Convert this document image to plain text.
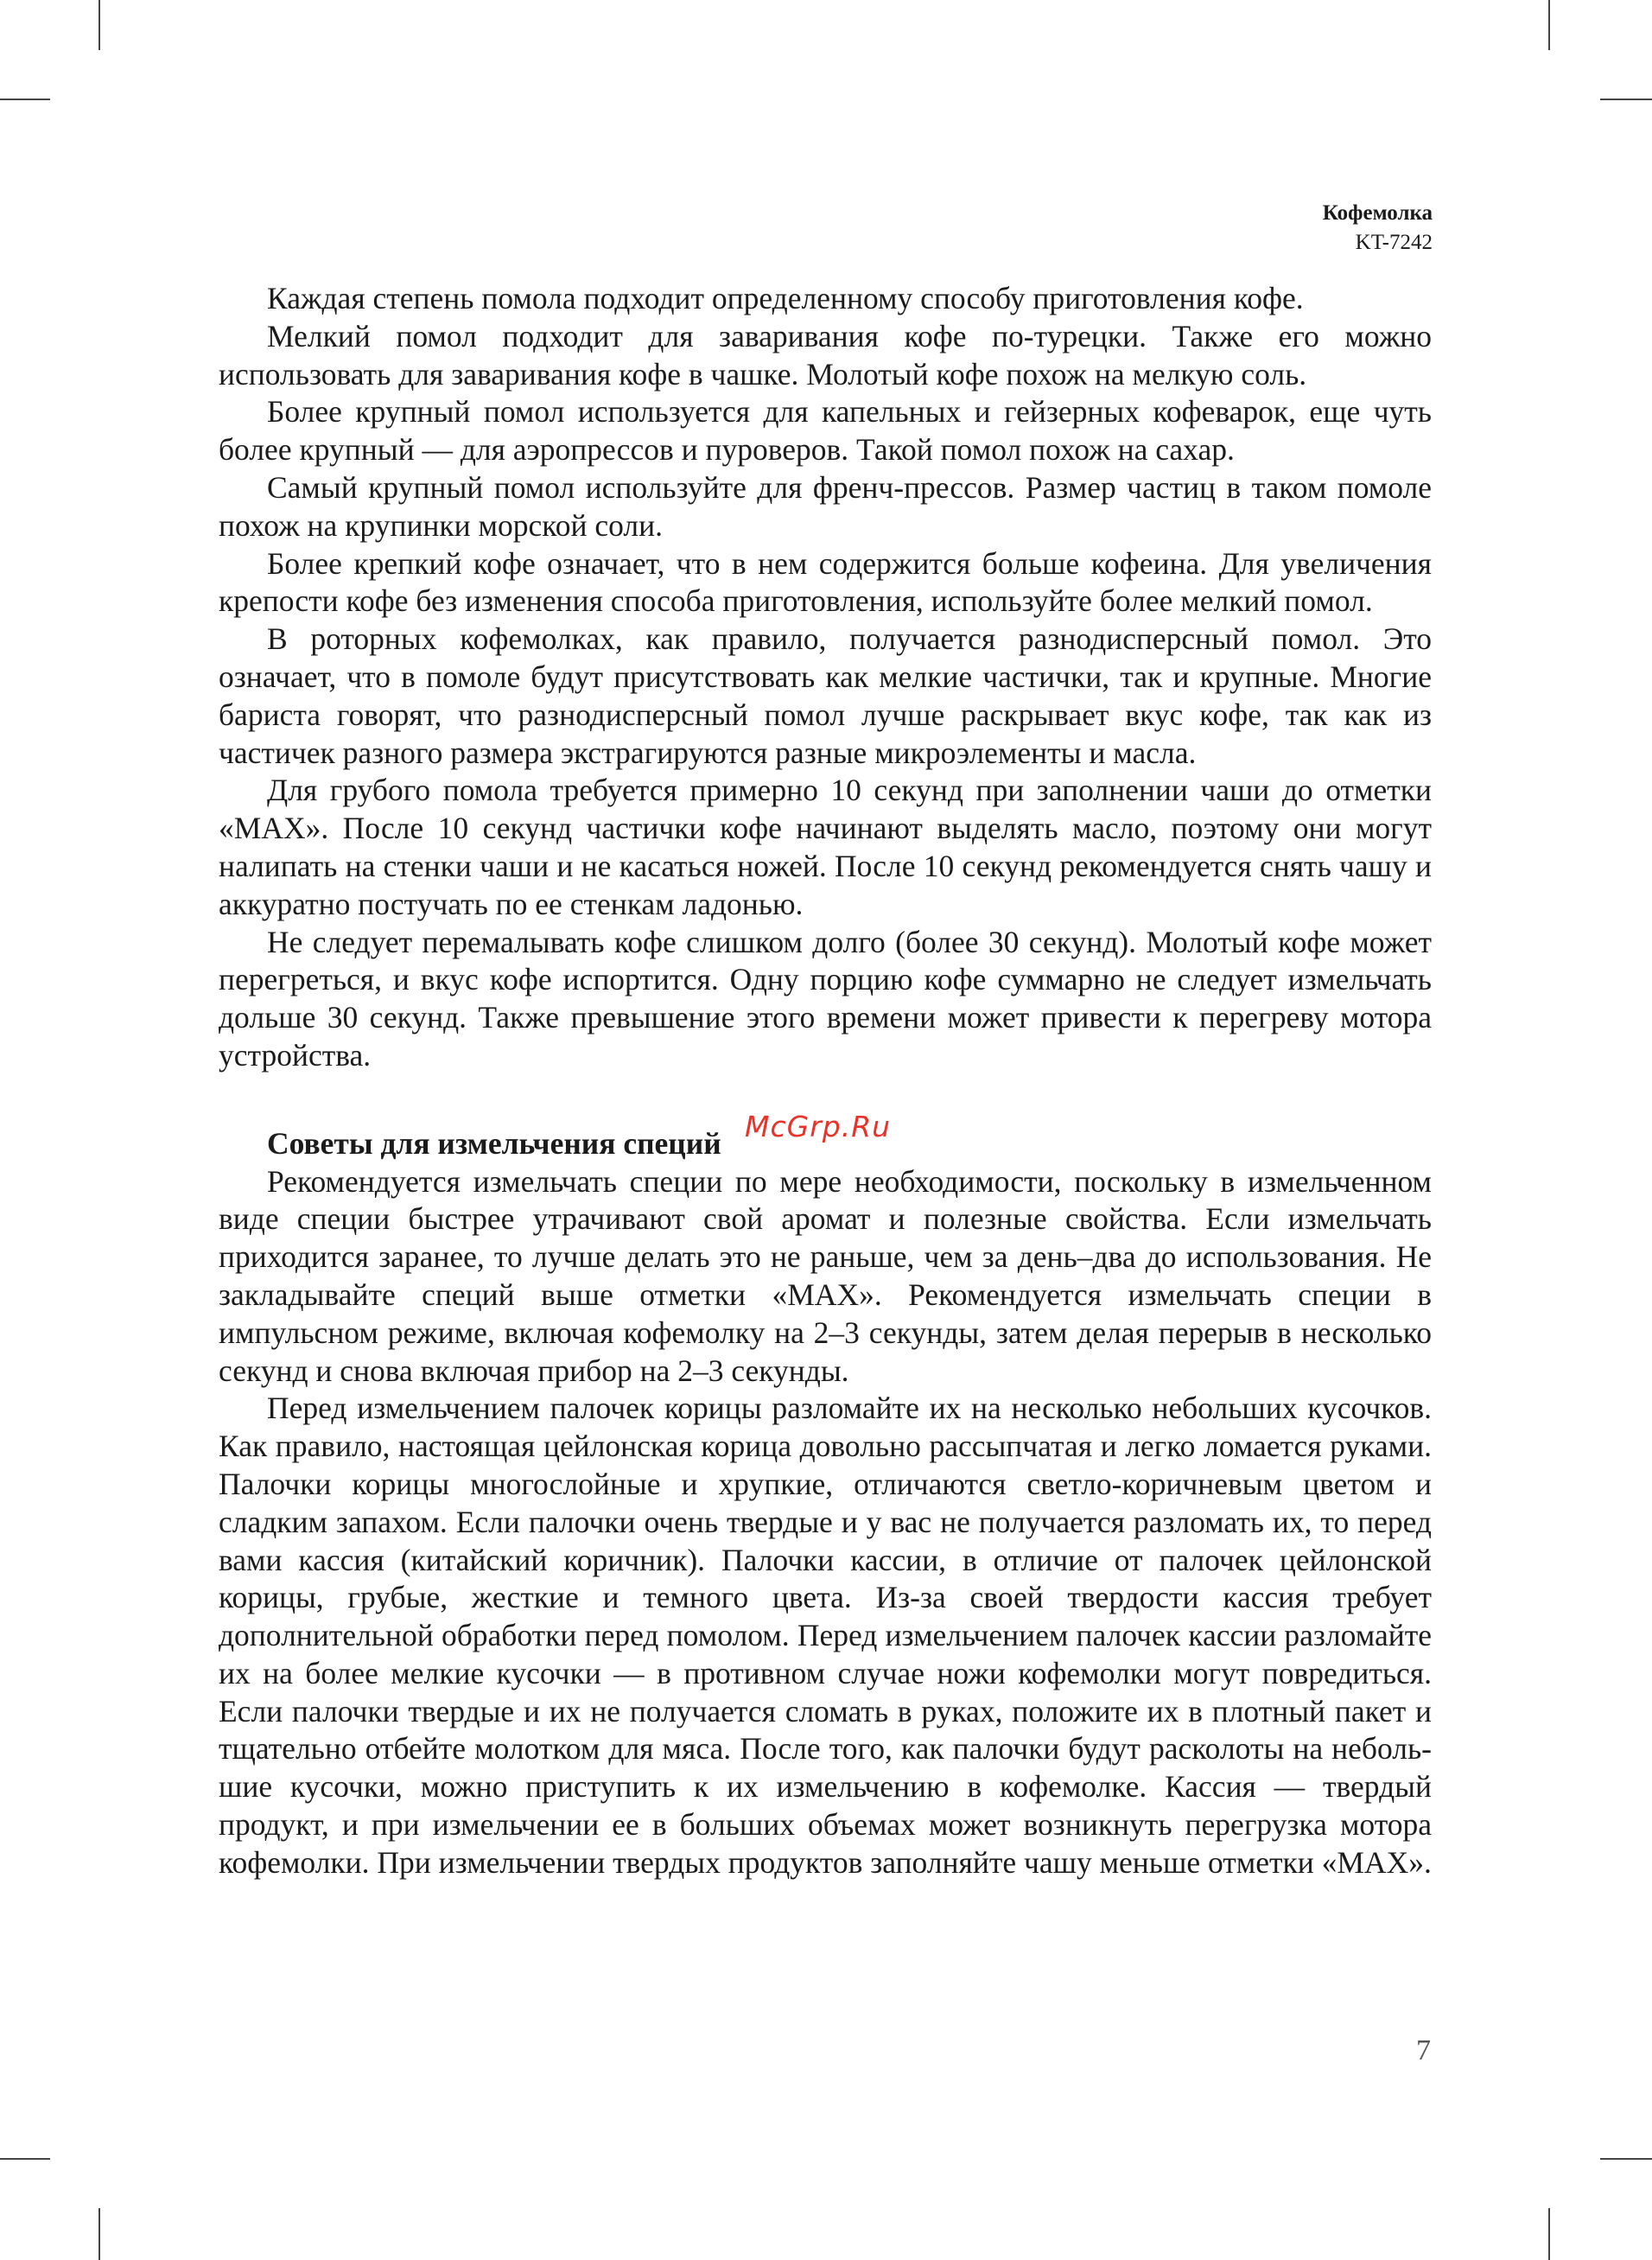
Кофемолка
KT-7242

Каждая степень помола подходит определенному способу приготовления кофе.

Мелкий помол подходит для заваривания кофе по-турецки. Также его можно использовать для заваривания кофе в чашке. Молотый кофе похож на мелкую соль.

Более крупный помол используется для капельных и гейзерных кофеварок, еще чуть более крупный — для аэропрессов и пуроверов. Такой помол похож на сахар.

Самый крупный помол используйте для френч-прессов. Размер частиц в таком помоле похож на крупинки морской соли.

Более крепкий кофе означает, что в нем содержится больше кофеина. Для увеличения крепости кофе без изменения способа приготовления, используйте более мелкий помол.

В роторных кофемолках, как правило, получается разнодисперсный помол. Это означает, что в помоле будут присутствовать как мелкие частички, так и крупные. Многие бариста говорят, что разнодисперсный помол лучше раскрывает вкус кофе, так как из частичек разного размера экстрагируются разные микроэлементы и масла.

Для грубого помола требуется примерно 10 секунд при заполнении чаши до отметки «MAX». После 10 секунд частички кофе начинают выделять масло, поэтому они могут налипать на стенки чаши и не касаться ножей. После 10 секунд рекомендуется снять чашу и аккуратно постучать по ее стенкам ладонью.

Не следует перемалывать кофе слишком долго (более 30 секунд). Молотый кофе может перегреться, и вкус кофе испортится. Одну порцию кофе суммарно не следует измельчать дольше 30 секунд. Также превышение этого времени может привести к перегреву мотора устройства.

Советы для измельчения специй

Рекомендуется измельчать специи по мере необходимости, поскольку в измельченном виде специи быстрее утрачивают свой аромат и полезные свойства. Если измельчать приходится заранее, то лучше делать это не раньше, чем за день–два до использования. Не закладывайте специй выше отметки «MAX». Рекомендуется измельчать специи в импульсном режиме, включая кофемолку на 2–3 секунды, затем делая перерыв в несколько секунд и снова включая прибор на 2–3 секунды.

Перед измельчением палочек корицы разломайте их на несколько небольших кусочков. Как правило, настоящая цейлонская корица довольно рассыпчатая и легко ломается руками. Палочки корицы многослойные и хрупкие, отличаются светло-коричневым цветом и сладким запахом. Если палочки очень твердые и у вас не получается разломать их, то перед вами кассия (китайский коричник). Палочки кассии, в отличие от палочек цейлонской корицы, грубые, жесткие и темного цвета. Из-за своей твердости кассия требует дополнительной обработки перед помолом. Перед измельчением палочек кассии разломайте их на более мелкие кусочки — в противном случае ножи кофемолки могут повредиться. Если палочки твердые и их не получается сломать в руках, положите их в плотный пакет и тщательно отбейте молотком для мяса. После того, как палочки будут расколоты на небольшие кусочки, можно приступить к их измельчению в кофемолке. Кассия — твердый продукт, и при измельчении ее в больших объемах может возникнуть перегрузка мотора кофемолки. При измельчении твердых продуктов заполняйте чашу меньше отметки «MAX».

McGrp.Ru
7
